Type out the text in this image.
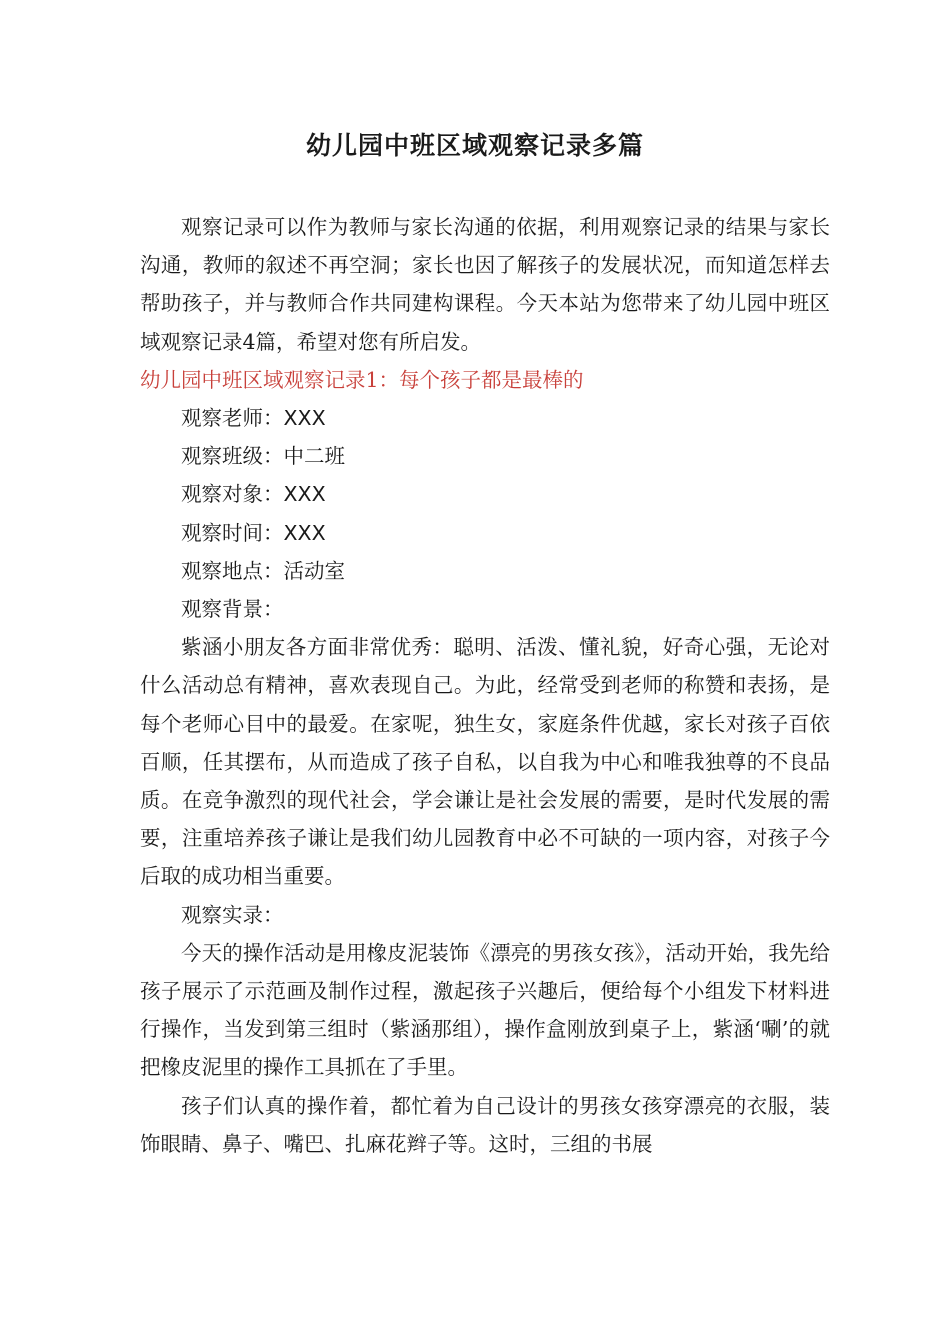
幼儿园中班区域观察记录多篇

观察记录可以作为教师与家长沟通的依据，利用观察记录的结果与家长沟通，教师的叙述不再空洞；家长也因了解孩子的发展状况，而知道怎样去帮助孩子，并与教师合作共同建构课程。今天本站为您带来了幼儿园中班区域观察记录4篇，希望对您有所启发。

幼儿园中班区域观察记录1：每个孩子都是最棒的

观察老师：XXX

观察班级：中二班

观察对象：XXX

观察时间：XXX

观察地点：活动室

观察背景：

紫涵小朋友各方面非常优秀：聪明、活泼、懂礼貌，好奇心强，无论对什么活动总有精神，喜欢表现自己。为此，经常受到老师的称赞和表扬，是每个老师心目中的最爱。在家呢，独生女，家庭条件优越，家长对孩子百依百顺，任其摆布，从而造成了孩子自私，以自我为中心和唯我独尊的不良品质。在竞争激烈的现代社会，学会谦让是社会发展的需要，是时代发展的需要，注重培养孩子谦让是我们幼儿园教育中必不可缺的一项内容，对孩子今后取的成功相当重要。

观察实录：

今天的操作活动是用橡皮泥装饰《漂亮的男孩女孩》，活动开始，我先给孩子展示了示范画及制作过程，激起孩子兴趣后，便给每个小组发下材料进行操作，当发到第三组时（紫涵那组），操作盒刚放到桌子上，紫涵‘唰’的就把橡皮泥里的操作工具抓在了手里。

孩子们认真的操作着，都忙着为自己设计的男孩女孩穿漂亮的衣服，装饰眼睛、鼻子、嘴巴、扎麻花辫子等。这时，三组的书展
